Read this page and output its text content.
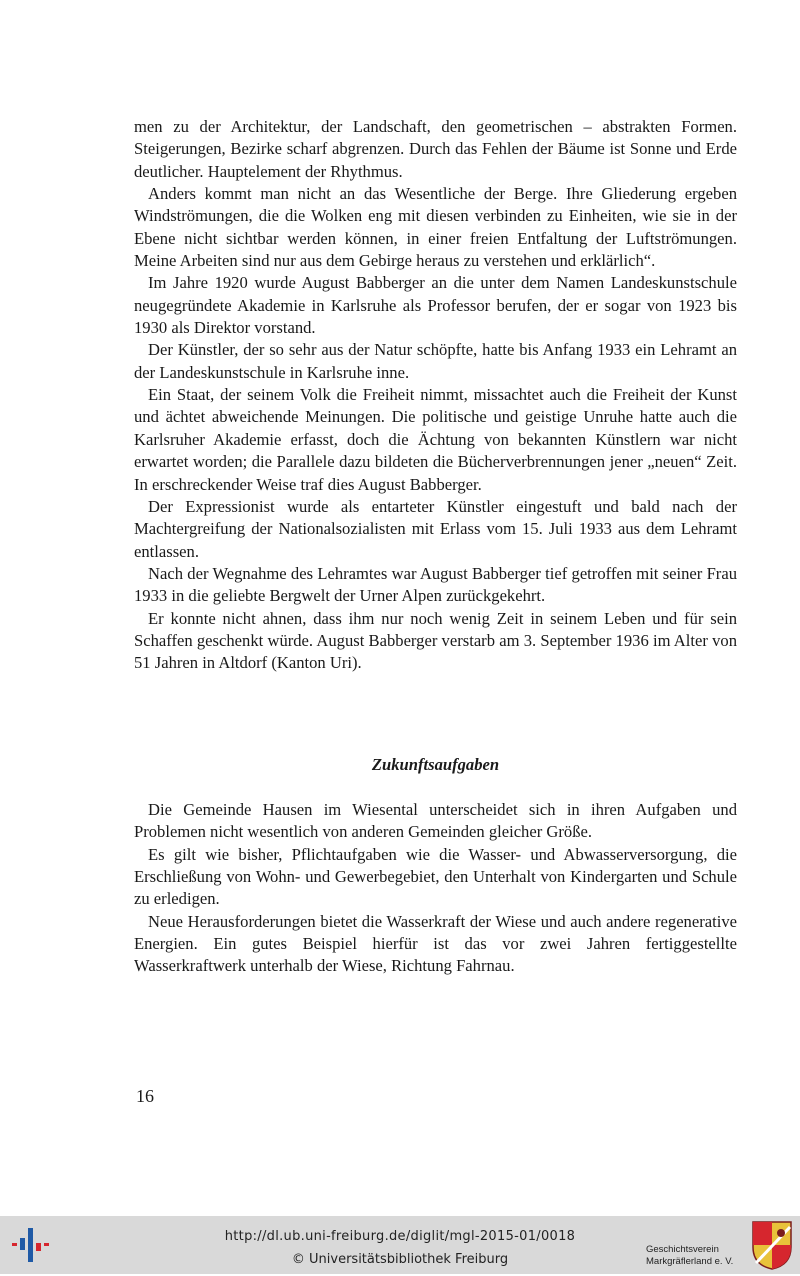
men zu der Architektur, der Landschaft, den geometrischen – abstrakten Formen. Steigerungen, Bezirke scharf abgrenzen. Durch das Fehlen der Bäume ist Sonne und Erde deutlicher. Hauptelement der Rhythmus.

Anders kommt man nicht an das Wesentliche der Berge. Ihre Gliederung ergeben Windströmungen, die die Wolken eng mit diesen verbinden zu Einheiten, wie sie in der Ebene nicht sichtbar werden können, in einer freien Entfaltung der Luftströmungen. Meine Arbeiten sind nur aus dem Gebirge heraus zu verstehen und erklärlich“.

Im Jahre 1920 wurde August Babberger an die unter dem Namen Landeskunstschule neugegründete Akademie in Karlsruhe als Professor berufen, der er sogar von 1923 bis 1930 als Direktor vorstand.

Der Künstler, der so sehr aus der Natur schöpfte, hatte bis Anfang 1933 ein Lehramt an der Landeskunstschule in Karlsruhe inne.

Ein Staat, der seinem Volk die Freiheit nimmt, missachtet auch die Freiheit der Kunst und ächtet abweichende Meinungen. Die politische und geistige Unruhe hatte auch die Karlsruher Akademie erfasst, doch die Ächtung von bekannten Künstlern war nicht erwartet worden; die Parallele dazu bildeten die Bücherverbrennungen jener „neuen“ Zeit. In erschreckender Weise traf dies August Babberger.

Der Expressionist wurde als entarteter Künstler eingestuft und bald nach der Machtergreifung der Nationalsozialisten mit Erlass vom 15. Juli 1933 aus dem Lehramt entlassen.

Nach der Wegnahme des Lehramtes war August Babberger tief getroffen mit seiner Frau 1933 in die geliebte Bergwelt der Urner Alpen zurückgekehrt.

Er konnte nicht ahnen, dass ihm nur noch wenig Zeit in seinem Leben und für sein Schaffen geschenkt würde. August Babberger verstarb am 3. September 1936 im Alter von 51 Jahren in Altdorf (Kanton Uri).

Zukunftsaufgaben

Die Gemeinde Hausen im Wiesental unterscheidet sich in ihren Aufgaben und Problemen nicht wesentlich von anderen Gemeinden gleicher Größe.

Es gilt wie bisher, Pflichtaufgaben wie die Wasser- und Abwasserversorgung, die Erschließung von Wohn- und Gewerbegebiet, den Unterhalt von Kindergarten und Schule zu erledigen.

Neue Herausforderungen bietet die Wasserkraft der Wiese und auch andere regenerative Energien. Ein gutes Beispiel hierfür ist das vor zwei Jahren fertiggestellte Wasserkraftwerk unterhalb der Wiese, Richtung Fahrnau.

16
http://dl.ub.uni-freiburg.de/diglit/mgl-2015-01/0018
© Universitätsbibliothek Freiburg
Geschichtsverein
Markgräflerland e. V.
